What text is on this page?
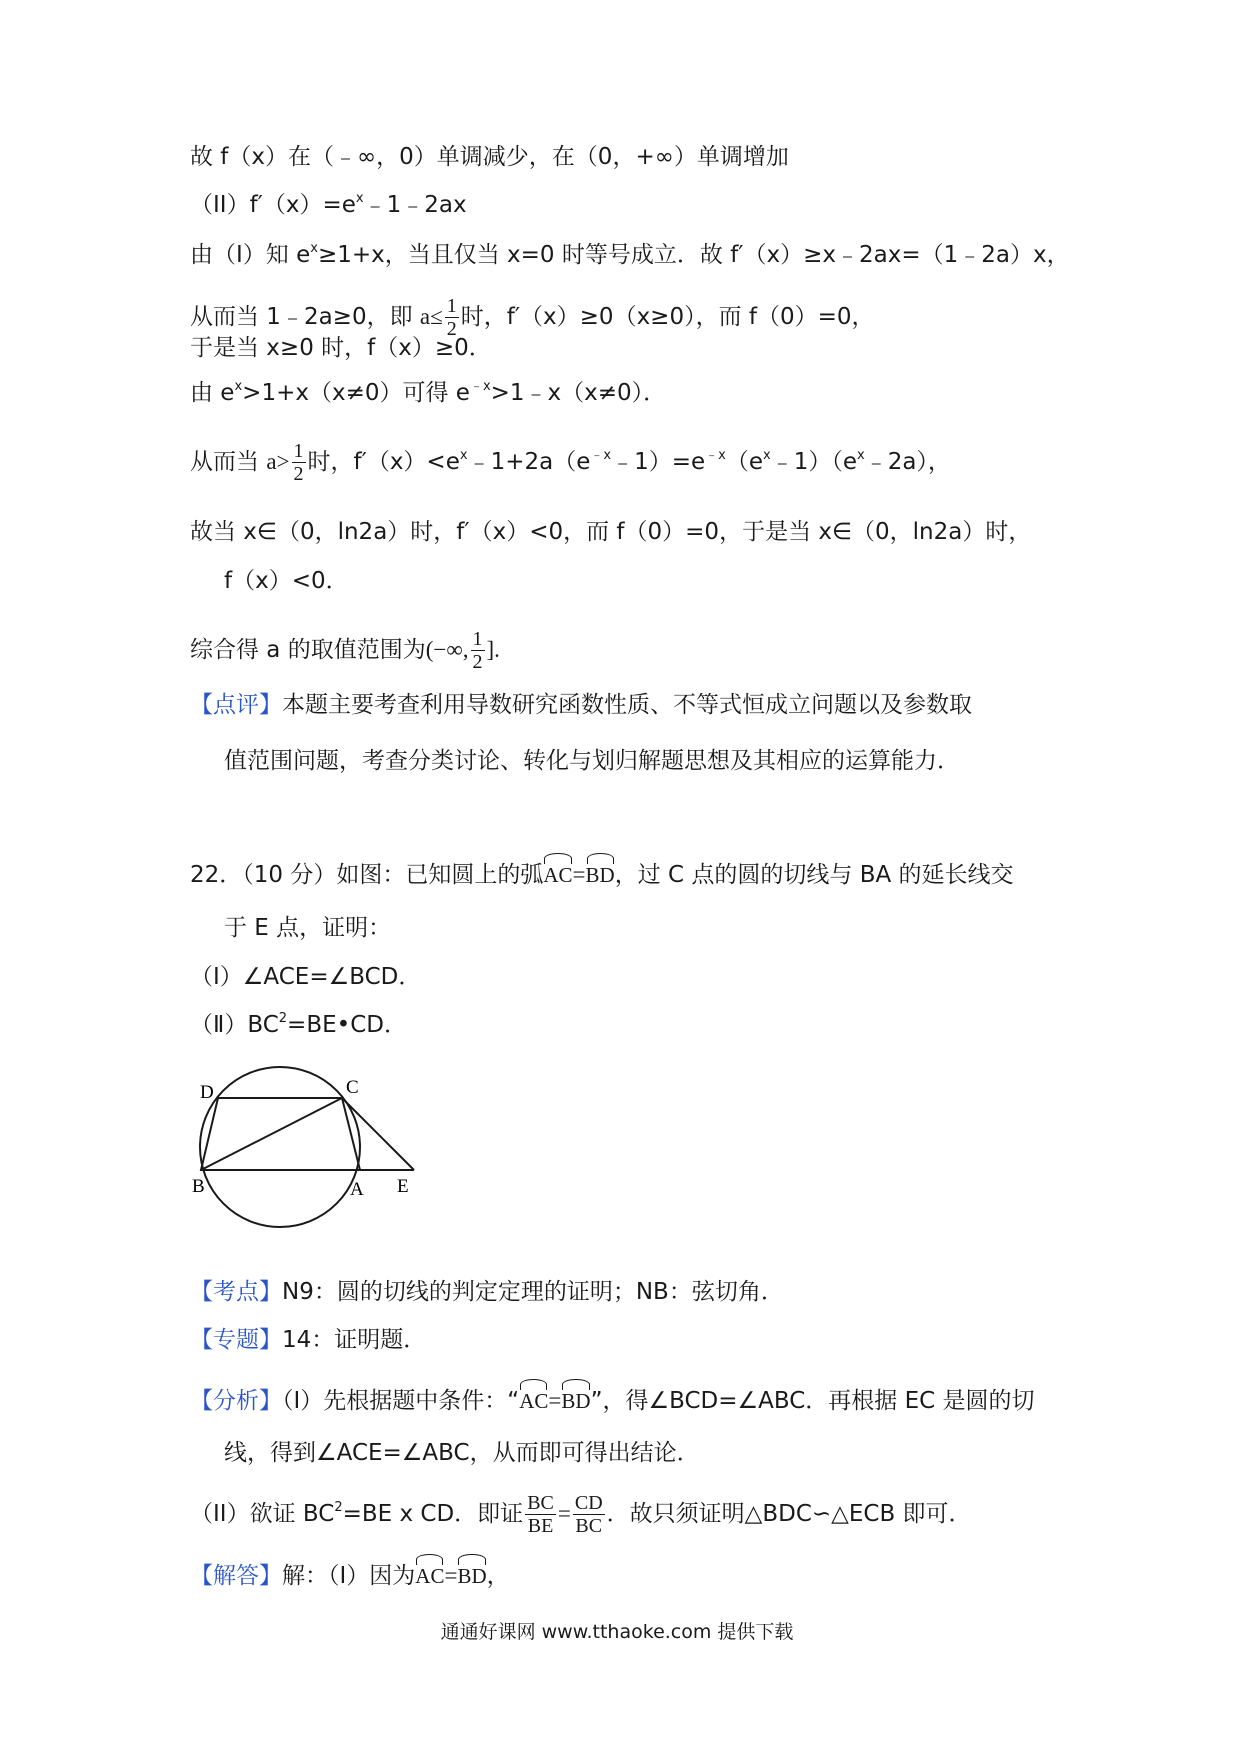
故 f（x）在（﹣∞，0）单调减少，在（0，+∞）单调增加
$(II)f'(x)=e^x﹣1﹣2ax$
由（I）知 $e^x\ge 1+x$，当且仅当 x=0 时等号成立．故 f′（x）≥x﹣2ax=（1﹣2a）x，
从而当 1﹣2a≥0，即 $a\le \frac{1}{2}$ 时，f′（x）≥0（x≥0），而 f（0）=0，
于是当 x≥0 时，f（x）≥0．
由 $e^x>1+x(x\ne 0)$可得 $e^{﹣x}>1﹣x(x\ne 0)$．
从而当 $a> \frac{1}{2}$ 时，$f'(x)<e^x﹣1+2a(e^{﹣x}﹣1)=e^{﹣x}(e^x﹣1)(e^x﹣2a)$，
故当 x∈（0，ln2a）时，f′（x）<0，而 f（0）=0，于是当 x∈（0，ln2a）时，
f（x）<0．
综合得 a 的取值范围为(−∞, $\frac{1}{2}$ ].
【点评】本题主要考查利用导数研究函数性质、不等式恒成立问题以及参数取
值范围问题，考查分类讨论、转化与划归解题思想及其相应的运算能力．
22．（10 分）如图：已知圆上的弧AC=BD，过 C 点的圆的切线与 BA 的延长线交
于 E 点，证明：
（Ⅰ）∠ACE=∠BCD．
$(Ⅱ)BC^2=BE•CD$．
D	C
B	A E
【考点】N9：圆的切线的判定定理的证明；NB：弦切角．
【专题】14：证明题．
【分析】（I）先根据题中条件：“AC=BD”，得∠BCD=∠ABC．再根据 EC 是圆的切
线，得到∠ACE=∠ABC，从而即可得出结论．
（II）欲证 $BC^2=BE$ x CD．即证 $\frac{BC}{BE} = \frac{CD}{BC}$ ．故只须证明△BDC∽△ECB 即可．
【解答】解：（Ⅰ）因为AC=BD，
通通好课网 www.tthaoke.com 提供下载
